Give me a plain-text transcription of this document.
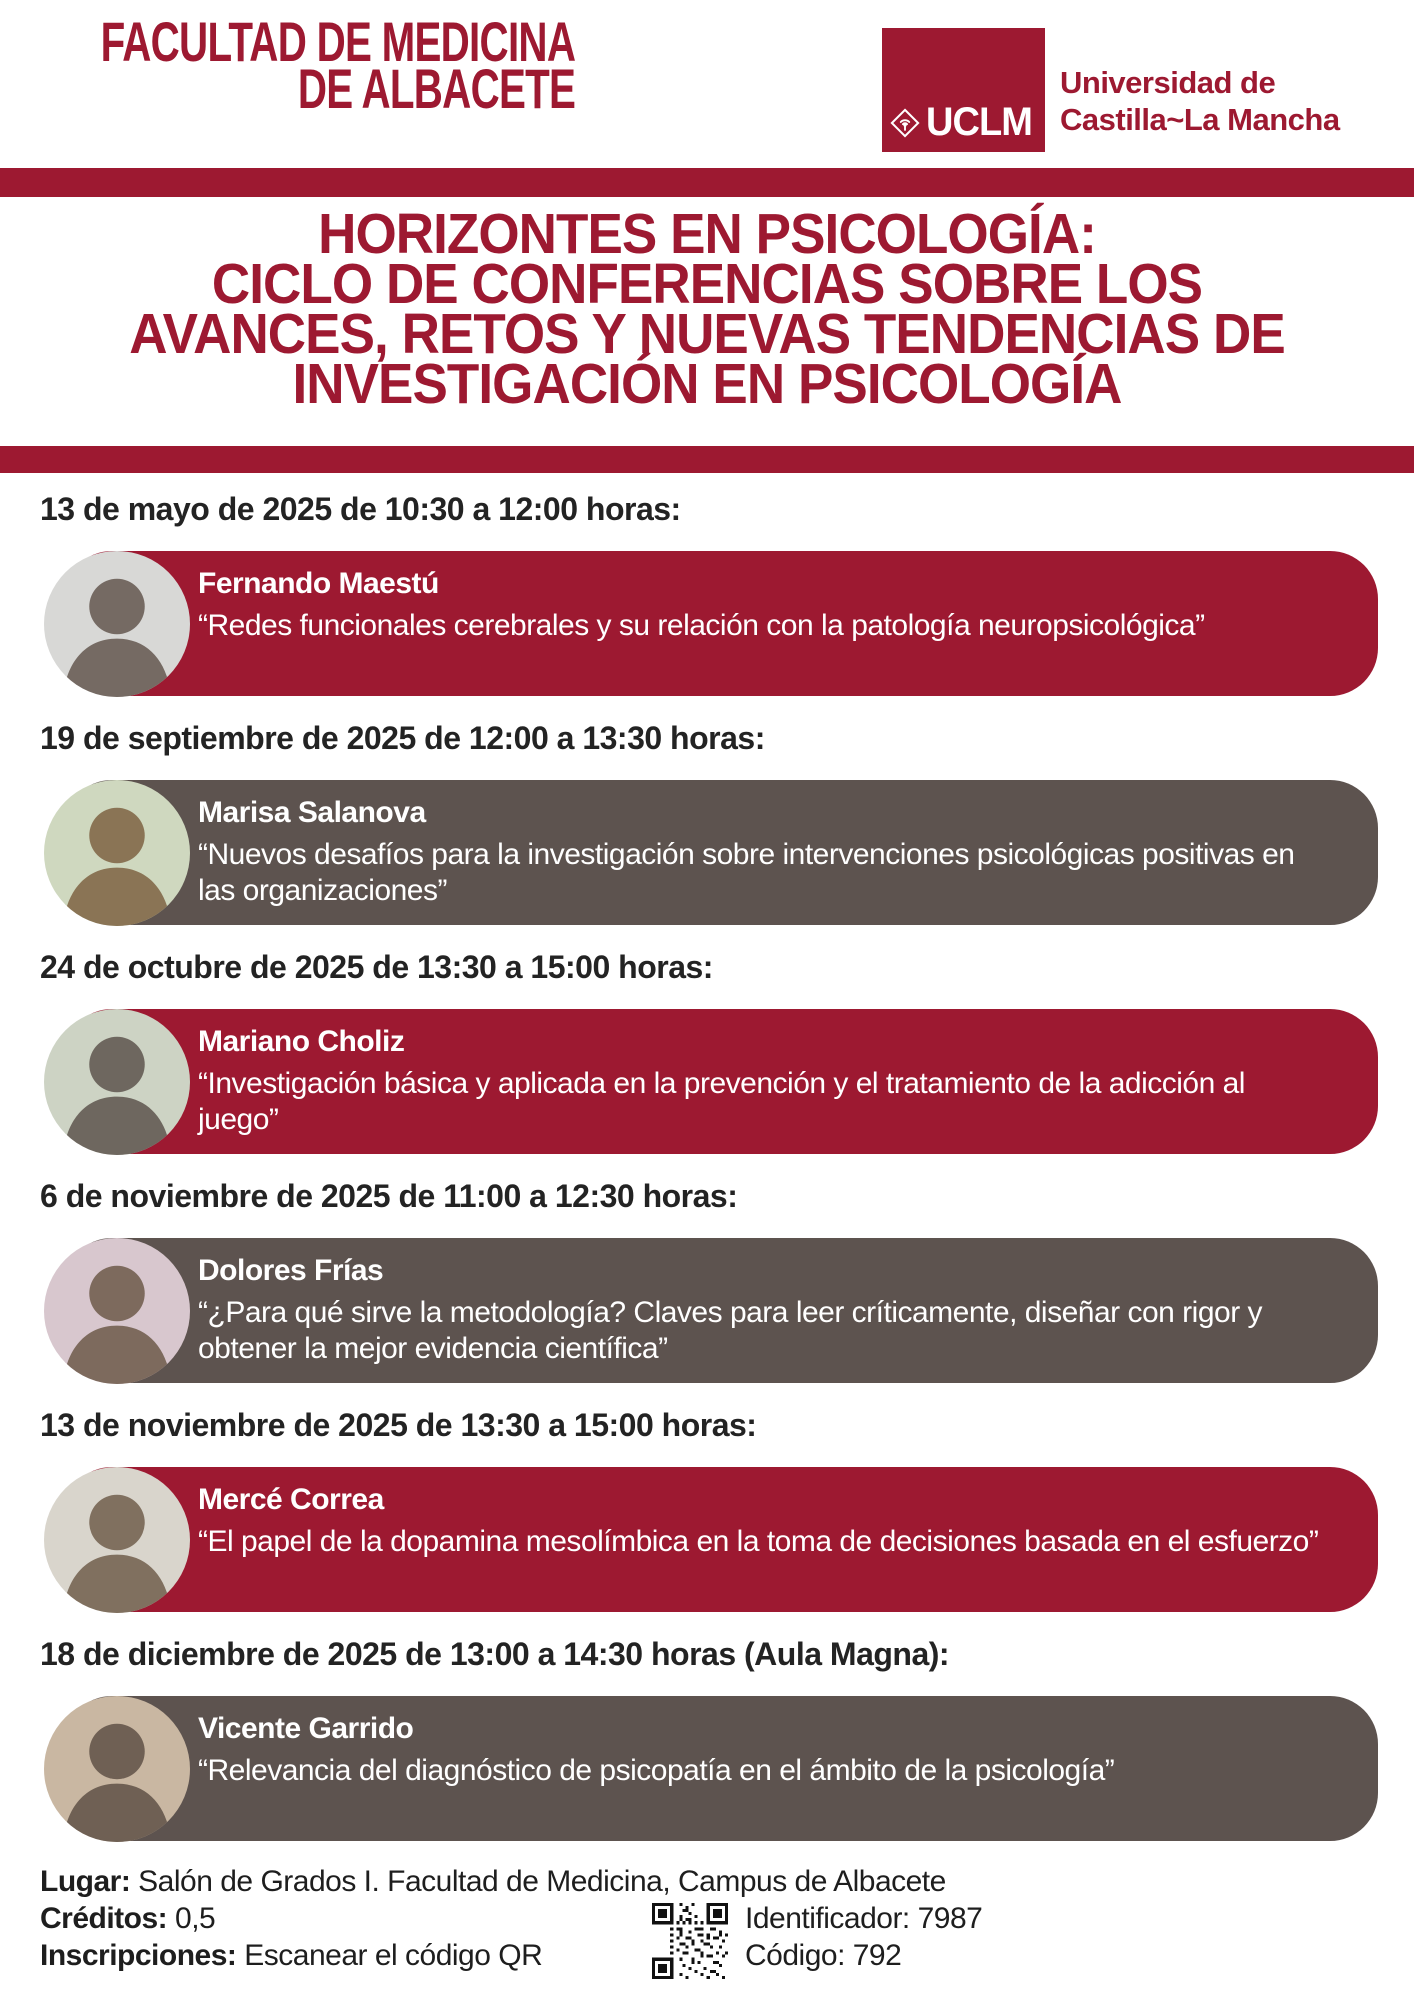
FACULTAD DE MEDICINA
DE ALBACETE
UCLM
Universidad de
Castilla~La Mancha
HORIZONTES EN PSICOLOGÍA:
CICLO DE CONFERENCIAS SOBRE LOS
AVANCES, RETOS Y NUEVAS TENDENCIAS DE
INVESTIGACIÓN EN PSICOLOGÍA
13 de mayo de 2025 de 10:30 a 12:00 horas:
Fernando Maestú
“Redes funcionales cerebrales y su relación con la patología neuropsicológica”
19 de septiembre de 2025 de 12:00 a 13:30 horas:
Marisa Salanova
“Nuevos desafíos para la investigación sobre intervenciones psicológicas positivas en las organizaciones”
24 de octubre de 2025 de 13:30 a 15:00 horas:
Mariano Choliz
“Investigación básica y aplicada en la prevención y el tratamiento de la adicción al juego”
6 de noviembre de 2025 de 11:00 a 12:30 horas:
Dolores Frías
“¿Para qué sirve la metodología? Claves para leer críticamente, diseñar con rigor y obtener la mejor evidencia científica”
13 de noviembre de 2025 de 13:30 a 15:00 horas:
Mercé Correa
“El papel de la dopamina mesolímbica en la toma de decisiones basada en el esfuerzo”
18 de diciembre de 2025 de 13:00 a 14:30 horas (Aula Magna):
Vicente Garrido
“Relevancia del diagnóstico de psicopatía en el ámbito de la psicología”
Lugar: Salón de Grados I. Facultad de Medicina, Campus de Albacete
Créditos: 0,5
Inscripciones: Escanear el código QR
Identificador: 7987
Código: 792
